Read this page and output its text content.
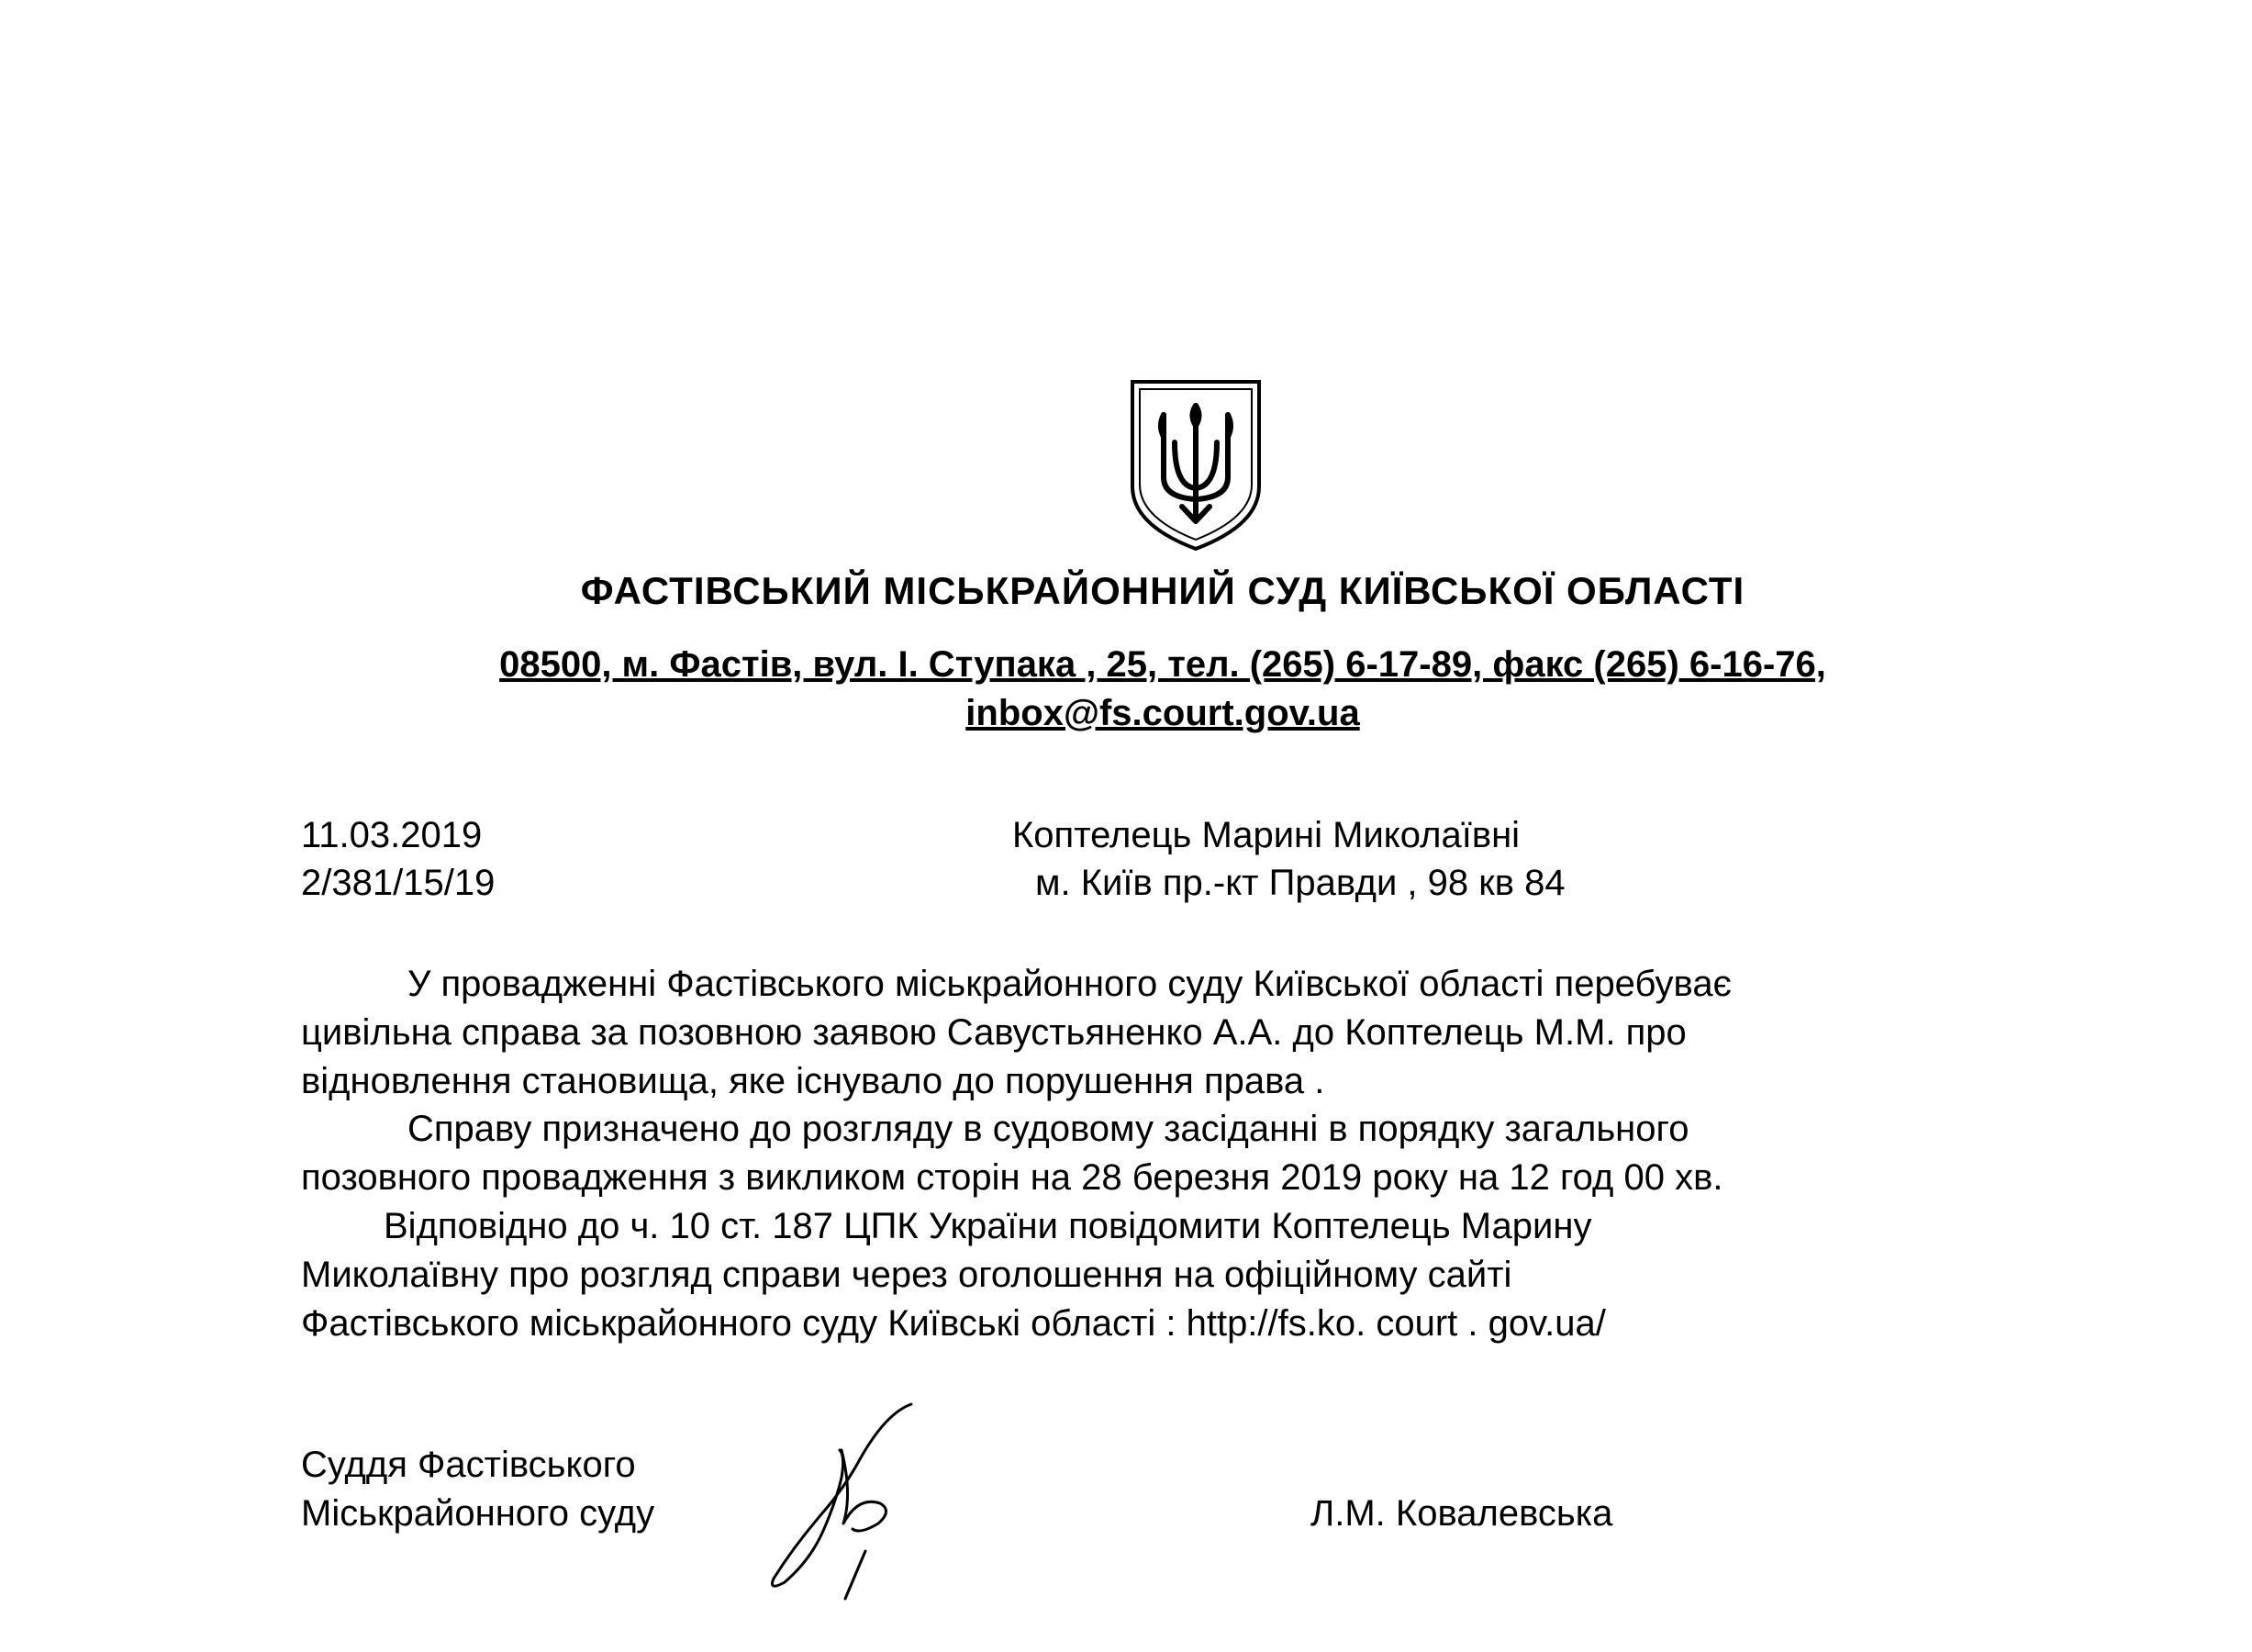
ФАСТІВСЬКИЙ МІСЬКРАЙОННИЙ СУД КИЇВСЬКОЇ ОБЛАСТІ
08500, м. Фастів, вул. І. Ступака , 25, тел. (265) 6-17-89, факс (265) 6-16-76,
inbox@fs.court.gov.ua
11.03.2019
2/381/15/19
Коптелець Марині Миколаївні
м. Київ пр.-кт Правди , 98 кв 84
У провадженні Фастівського міськрайонного суду Київської області перебуває
цивільна справа за позовною заявою Савустьяненко А.А. до Коптелець М.М. про
відновлення становища, яке існувало до порушення права .
Справу призначено до розгляду в судовому засіданні в порядку загального
позовного провадження з викликом сторін на 28 березня 2019 року на 12 год 00 хв.
Відповідно до ч. 10 ст. 187 ЦПК України повідомити Коптелець Марину
Миколаївну про розгляд справи через оголошення на офіційному сайті
Фастівського міськрайонного суду Київські області : http://fs.ko. court . gov.ua/
Суддя Фастівського
Міськрайонного суду	Л.М. Ковалевська
